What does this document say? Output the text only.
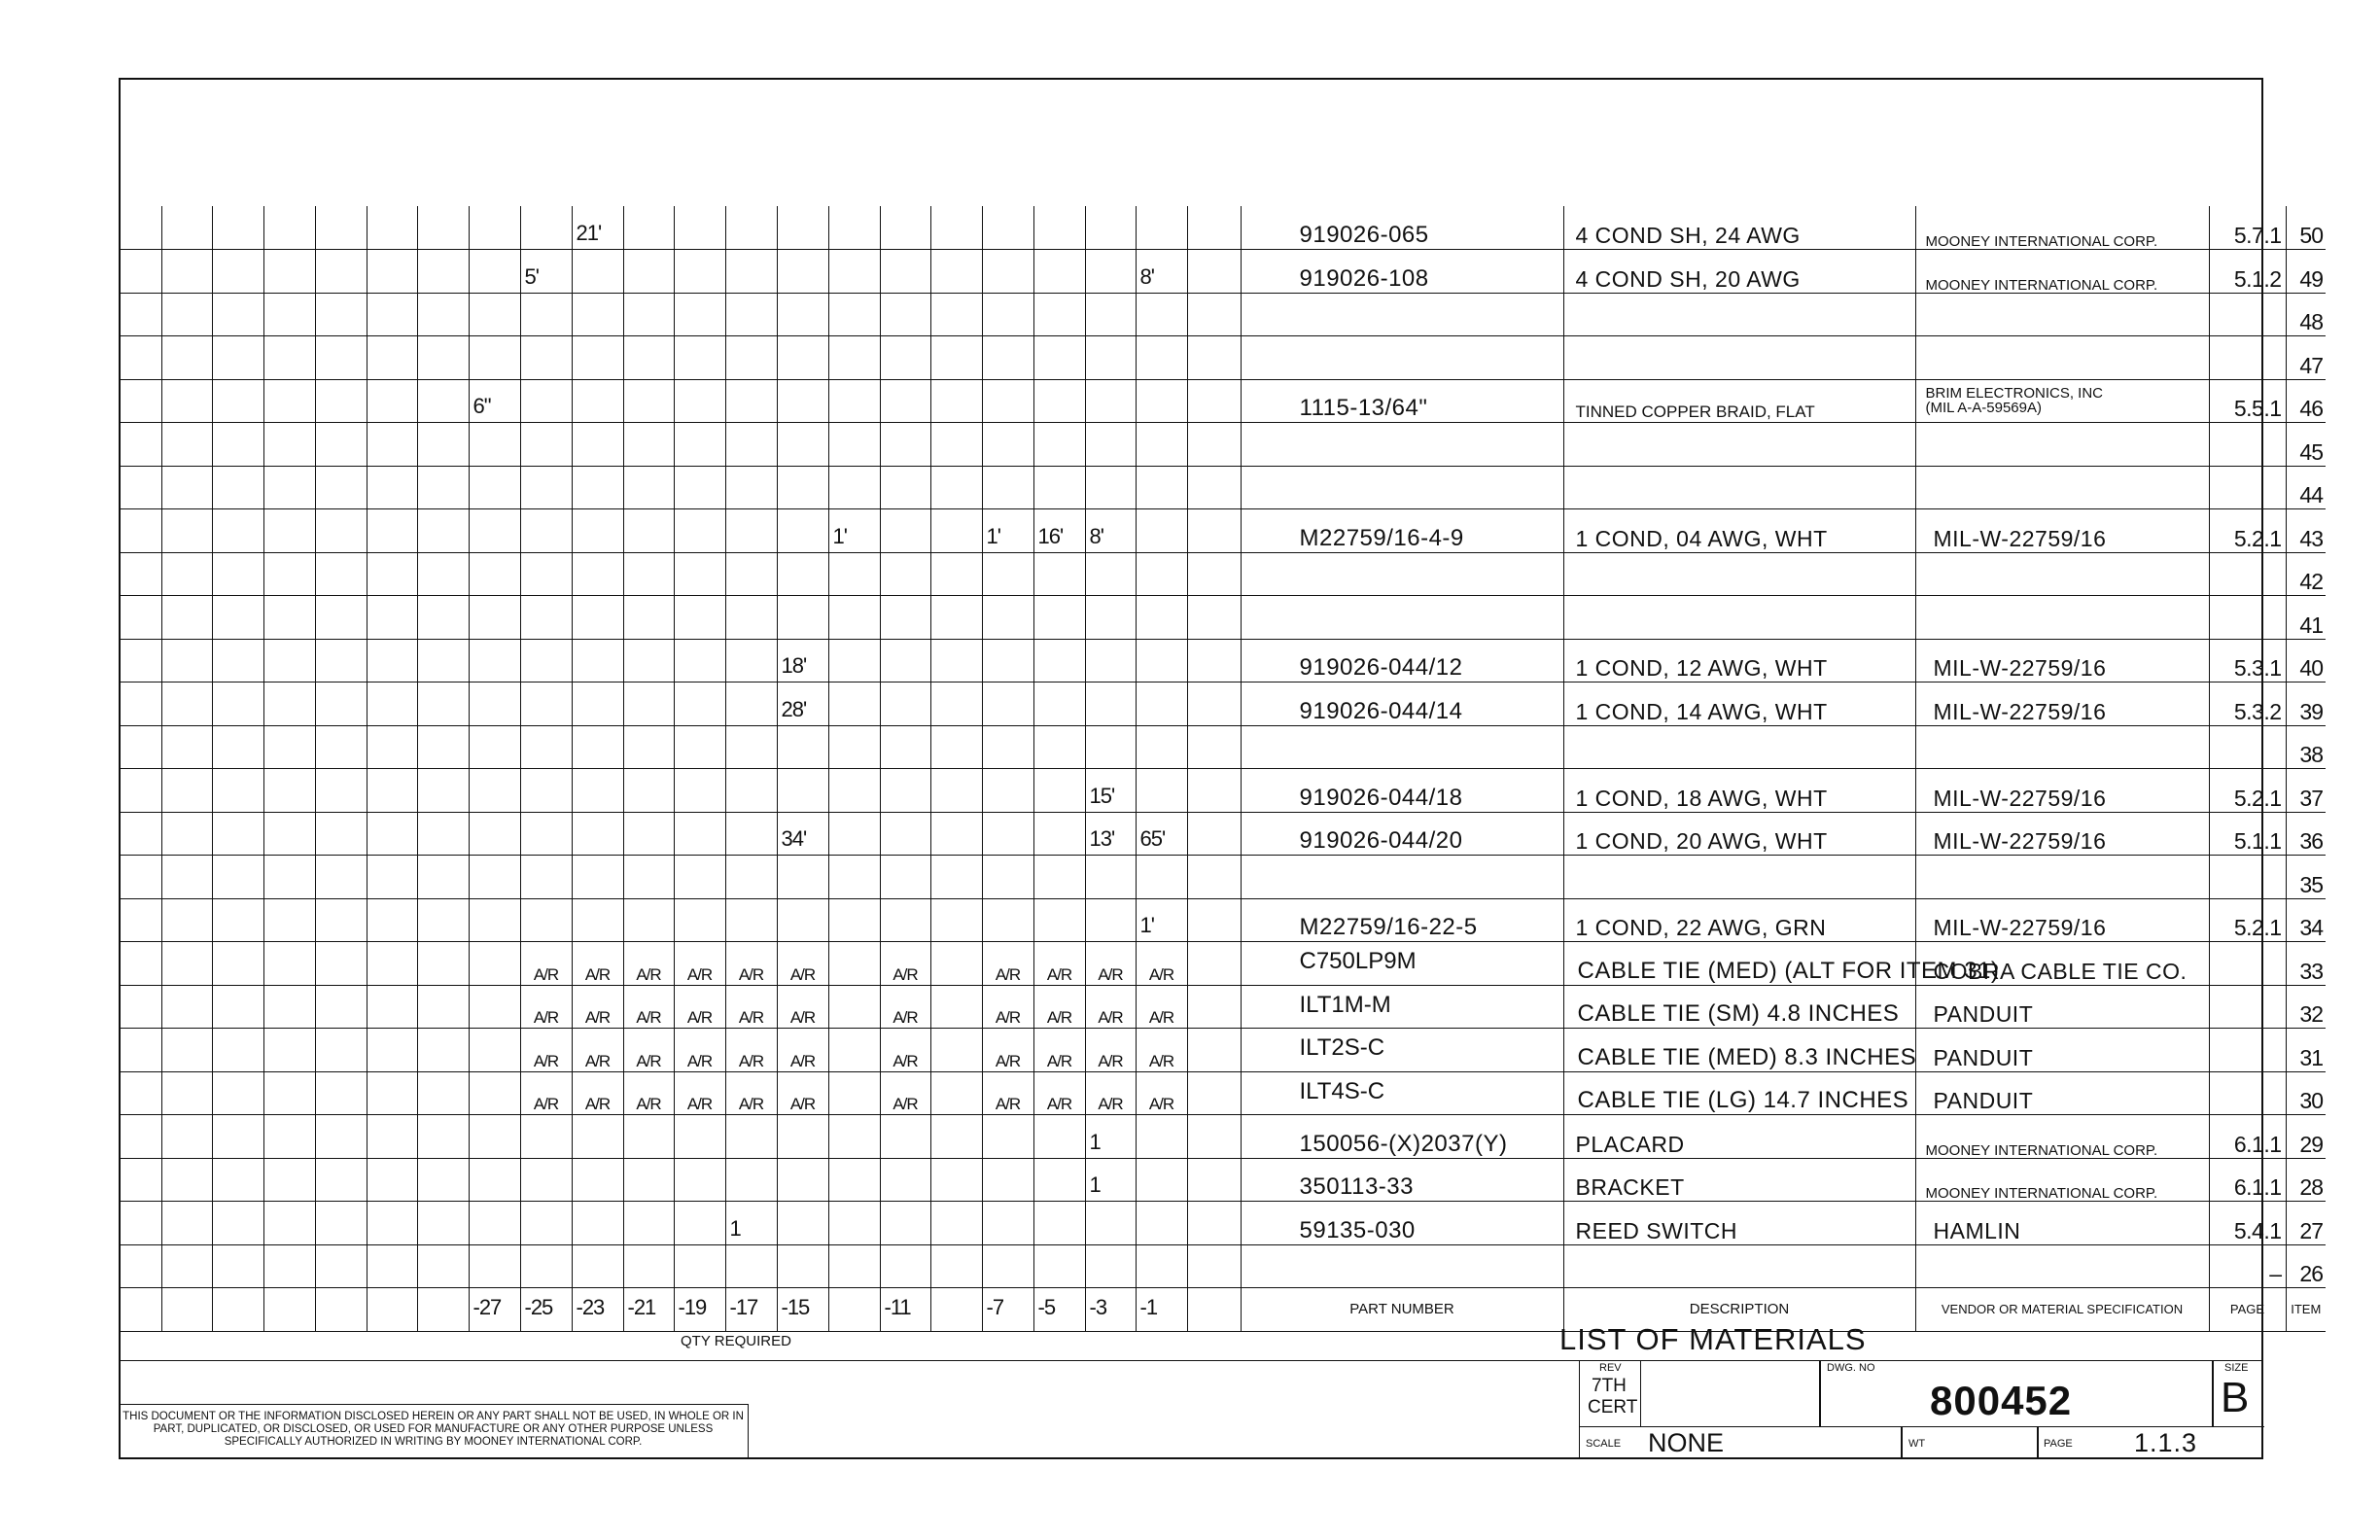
									21'													919026-065	4 COND SH, 24 AWG	MOONEY INTERNATIONAL CORP.	5.7.1	50
								5'												8'		919026-108	4 COND SH, 20 AWG	MOONEY INTERNATIONAL CORP.	5.1.2	49
																										48
																										47
							6"															1115-13/64"	TINNED COPPER BRAID, FLAT	BRIM ELECTRONICS, INC
(MIL A-A-59569A)	5.5.1	46
																										45
																										44
														1'			1'	16'	8'			M22759/16-4-9	1 COND, 04 AWG, WHT	MIL-W-22759/16	5.2.1	43
																										42
																										41
													18'									919026-044/12	1 COND, 12 AWG, WHT	MIL-W-22759/16	5.3.1	40
													28'									919026-044/14	1 COND, 14 AWG, WHT	MIL-W-22759/16	5.3.2	39
																										38
																			15'			919026-044/18	1 COND, 18 AWG, WHT	MIL-W-22759/16	5.2.1	37
													34'						13'	65'		919026-044/20	1 COND, 20 AWG, WHT	MIL-W-22759/16	5.1.1	36
																										35
																				1'		M22759/16-22-5	1 COND, 22 AWG, GRN	MIL-W-22759/16	5.2.1	34
								A/R	A/R	A/R	A/R	A/R	A/R		A/R		A/R	A/R	A/R	A/R		C750LP9M	CABLE TIE (MED) (ALT FOR ITEM 31)	COBRA CABLE TIE CO.		33
								A/R	A/R	A/R	A/R	A/R	A/R		A/R		A/R	A/R	A/R	A/R		ILT1M-M	CABLE TIE (SM) 4.8 INCHES	PANDUIT		32
								A/R	A/R	A/R	A/R	A/R	A/R		A/R		A/R	A/R	A/R	A/R		ILT2S-C	CABLE TIE (MED) 8.3 INCHES	PANDUIT		31
								A/R	A/R	A/R	A/R	A/R	A/R		A/R		A/R	A/R	A/R	A/R		ILT4S-C	CABLE TIE (LG) 14.7 INCHES	PANDUIT		30
																			1			150056-(X)2037(Y)	PLACARD	MOONEY INTERNATIONAL CORP.	6.1.1	29
																			1			350113-33	BRACKET	MOONEY INTERNATIONAL CORP.	6.1.1	28
												1										59135-030	REED SWITCH	HAMLIN	5.4.1	27
																									–	26
							-27	-25	-23	-21	-19	-17	-15		-11		-7	-5	-3	-1		PART NUMBER	DESCRIPTION	VENDOR OR MATERIAL SPECIFICATION	PAGE	ITEM
QTY REQUIRED	LIST OF MATERIALS
REV
7TH
CERT
DWG. NO
800452
SIZE
B
SCALE NONE	WT	PAGE 1.1.3
THIS DOCUMENT OR THE INFORMATION DISCLOSED HEREIN OR ANY PART SHALL NOT BE USED, IN WHOLE OR IN PART, DUPLICATED, OR DISCLOSED, OR USED FOR MANUFACTURE OR ANY OTHER PURPOSE UNLESS SPECIFICALLY AUTHORIZED IN WRITING BY MOONEY INTERNATIONAL CORP.
